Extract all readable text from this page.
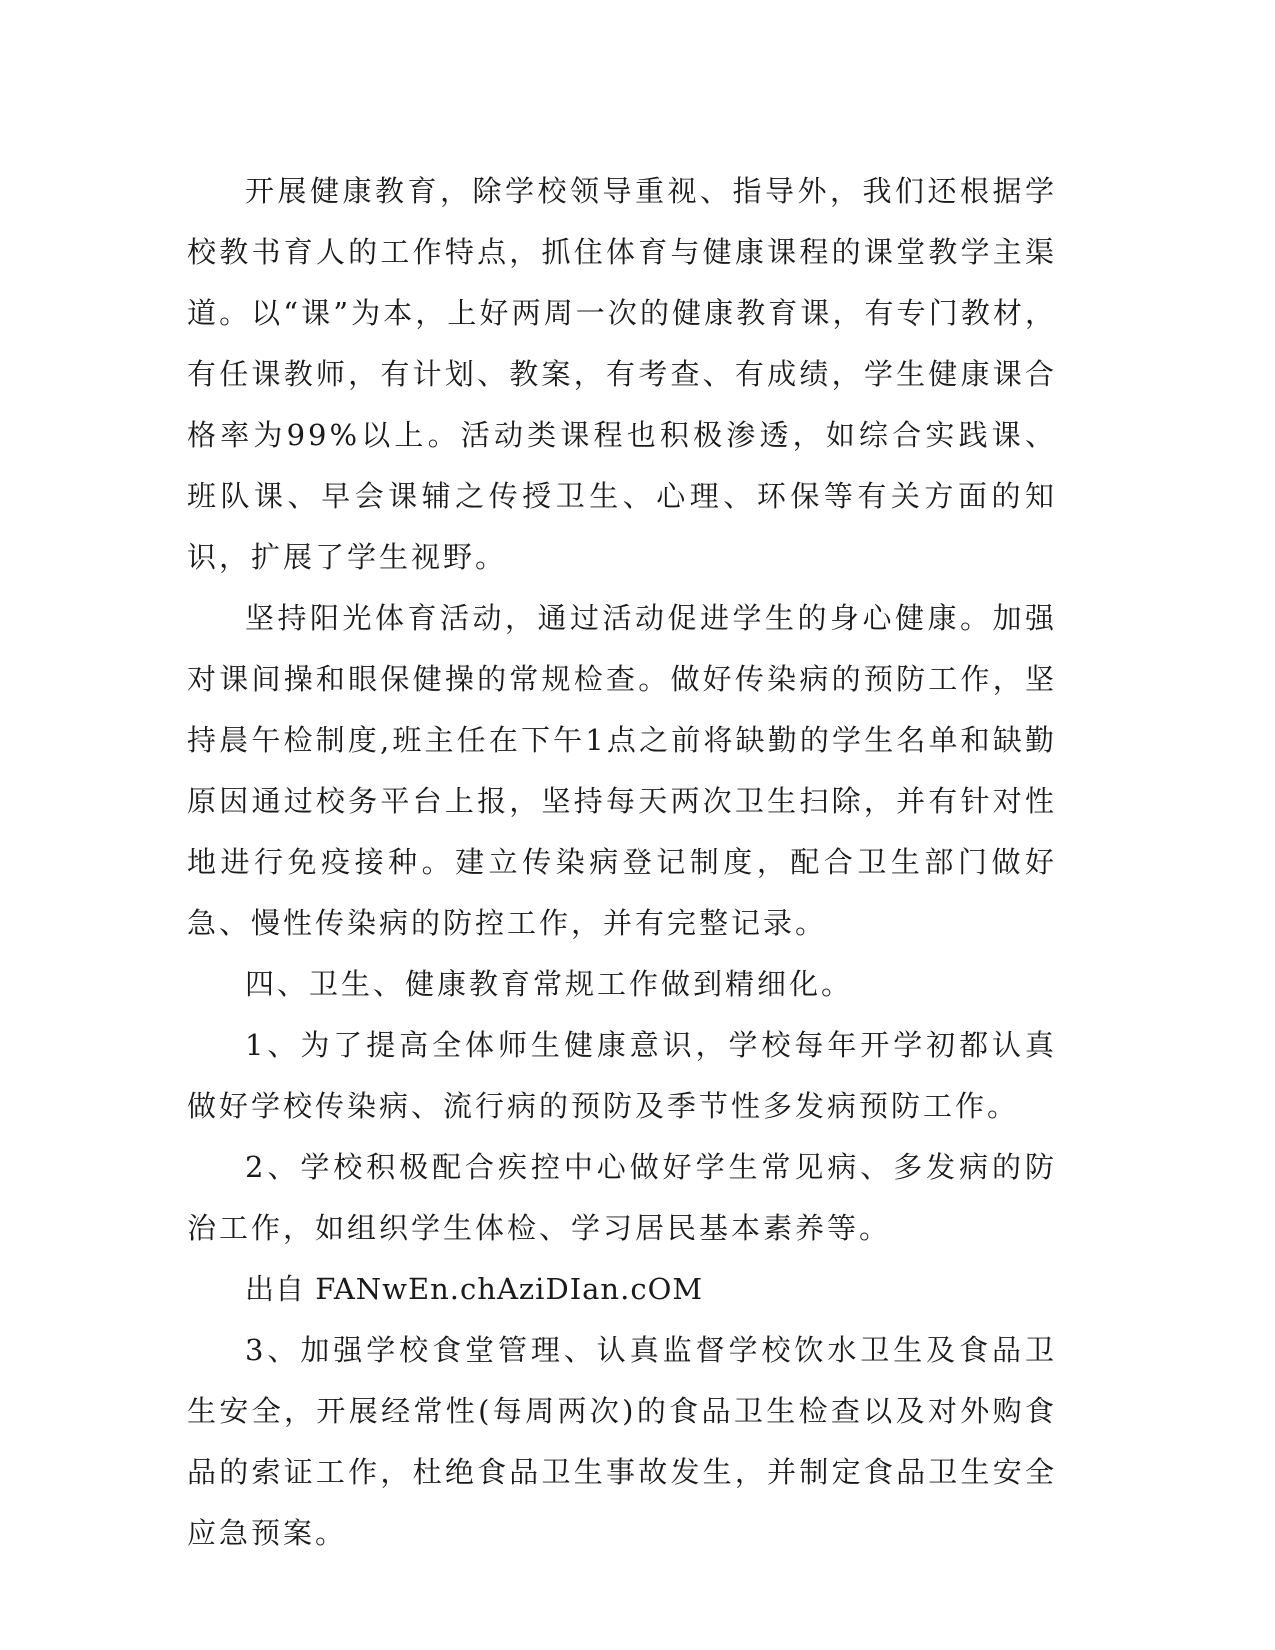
开展健康教育，除学校领导重视、指导外，我们还根据学校教书育人的工作特点，抓住体育与健康课程的课堂教学主渠道。以“课”为本，上好两周一次的健康教育课，有专门教材，有任课教师，有计划、教案，有考查、有成绩，学生健康课合格率为99%以上。活动类课程也积极渗透，如综合实践课、班队课、早会课辅之传授卫生、心理、环保等有关方面的知识，扩展了学生视野。

坚持阳光体育活动，通过活动促进学生的身心健康。加强对课间操和眼保健操的常规检查。做好传染病的预防工作，坚持晨午检制度,班主任在下午1点之前将缺勤的学生名单和缺勤原因通过校务平台上报，坚持每天两次卫生扫除，并有针对性地进行免疫接种。建立传染病登记制度，配合卫生部门做好急、慢性传染病的防控工作，并有完整记录。

四、卫生、健康教育常规工作做到精细化。

1、为了提高全体师生健康意识，学校每年开学初都认真做好学校传染病、流行病的预防及季节性多发病预防工作。

2、学校积极配合疾控中心做好学生常见病、多发病的防治工作，如组织学生体检、学习居民基本素养等。

出自 FANwEn.chAziDIan.cOM

3、加强学校食堂管理、认真监督学校饮水卫生及食品卫生安全，开展经常性(每周两次)的食品卫生检查以及对外购食品的索证工作，杜绝食品卫生事故发生，并制定食品卫生安全应急预案。
